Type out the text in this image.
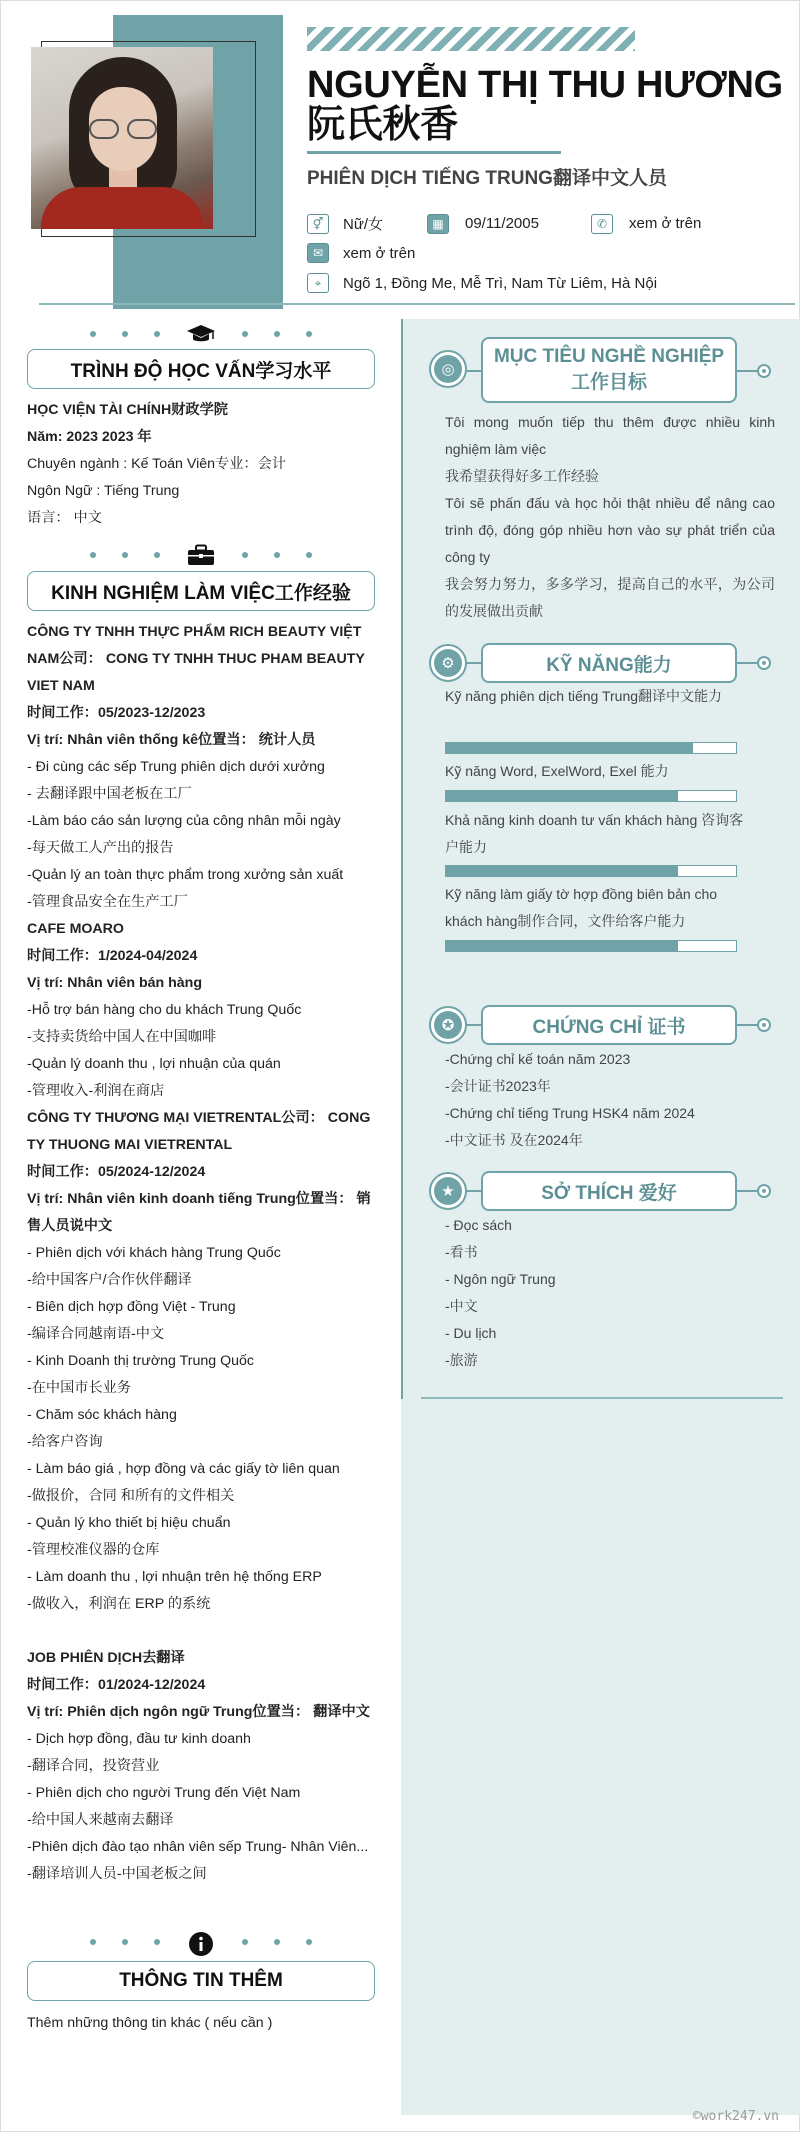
NGUYỄN THỊ THU HƯƠNG
阮氏秋香
PHIÊN DỊCH TIẾNG TRUNG翻译中文人员
⚥	Nữ/女	▦	09/11/2005	✆	xem ở trên
✉	xem ở trên
⌖	Ngõ 1, Đồng Me, Mễ Trì, Nam Từ Liêm, Hà Nội
TRÌNH ĐỘ HỌC VẤN学习水平

HỌC VIỆN TÀI CHÍNH财政学院

Năm: 2023 2023 年

Chuyên ngành : Kế Toán Viên专业：会计

Ngôn Ngữ : Tiếng Trung

语言： 中文

KINH NGHIỆM LÀM VIỆC工作经验

CÔNG TY TNHH THỰC PHẨM RICH BEAUTY VIỆT NAM公司： CONG TY TNHH THUC PHAM BEAUTY VIET NAM

时间工作：05/2023-12/2023

Vị trí: Nhân viên thống kê位置当： 统计人员

- Đi cùng các sếp Trung phiên dịch dưới xưởng

- 去翻译跟中国老板在工厂

-Làm báo cáo sản lượng của công nhân mỗi ngày

-每天做工人产出的报告

-Quản lý an toàn thực phẩm trong xưởng sản xuất

-管理食品安全在生产工厂

CAFE MOARO

时间工作：1/2024-04/2024

Vị trí: Nhân viên bán hàng

-Hỗ trợ bán hàng cho du khách Trung Quốc

-支持卖货给中国人在中国咖啡

-Quản lý doanh thu , lợi nhuận của quán

-管理收入-利润在商店

CÔNG TY THƯƠNG MẠI VIETRENTAL公司： CONG TY THUONG MAI VIETRENTAL

时间工作：05/2024-12/2024

Vị trí: Nhân viên kinh doanh tiếng Trung位置当： 销售人员说中文

- Phiên dịch với khách hàng Trung Quốc

-给中国客户/合作伙伴翻译

- Biên dịch hợp đồng Việt - Trung

-编译合同越南语-中文

- Kinh Doanh thị trường Trung Quốc

-在中国市长业务

- Chăm sóc khách hàng

-给客户咨询

- Làm báo giá , hợp đồng và các giấy tờ liên quan

-做报价，合同 和所有的文件相关

- Quản lý kho thiết bị hiệu chuẩn

-管理校准仪器的仓库

- Làm doanh thu , lợi nhuận trên hệ thống ERP

-做收入，利润在 ERP 的系统

JOB PHIÊN DỊCH去翻译

时间工作：01/2024-12/2024

Vị trí: Phiên dịch ngôn ngữ Trung位置当： 翻译中文

- Dịch hợp đồng, đầu tư kinh doanh

-翻译合同，投资营业

- Phiên dịch cho người Trung đến Việt Nam

-给中国人来越南去翻译

-Phiên dịch đào tạo nhân viên sếp Trung- Nhân Viên...

-翻译培训人员-中国老板之间

THÔNG TIN THÊM
Thêm những thông tin khác ( nếu cần )
◎
MỤC TIÊU NGHỀ NGHIỆP 工作目标

Tôi mong muốn tiếp thu thêm được nhiều kinh nghiệm làm việc

我希望获得好多工作经验

Tôi sẽ phấn đấu và học hỏi thật nhiều để nâng cao trình độ, đóng góp nhiều hơn vào sự phát triển của công ty

我会努力努力，多多学习，提高自己的水平，为公司的发展做出贡献

⚙	KỸ NĂNG能力
Kỹ năng phiên dịch tiếng Trung翻译中文能力
Kỹ năng Word, ExelWord, Exel 能力
Khả năng kinh doanh tư vấn khách hàng 咨询客户能力
Kỹ năng làm giấy tờ hợp đồng biên bản cho khách hàng制作合同，文件给客户能力
✪	CHỨNG CHỈ 证书

-Chứng chỉ kế toán năm 2023

-会计证书2023年

-Chứng chỉ tiếng Trung HSK4 năm 2024

-中文证书 及在2024年

★	SỞ THÍCH 爱好

- Đọc sách

-看书

- Ngôn ngữ Trung

-中文

- Du lịch

-旅游

©work247.vn
